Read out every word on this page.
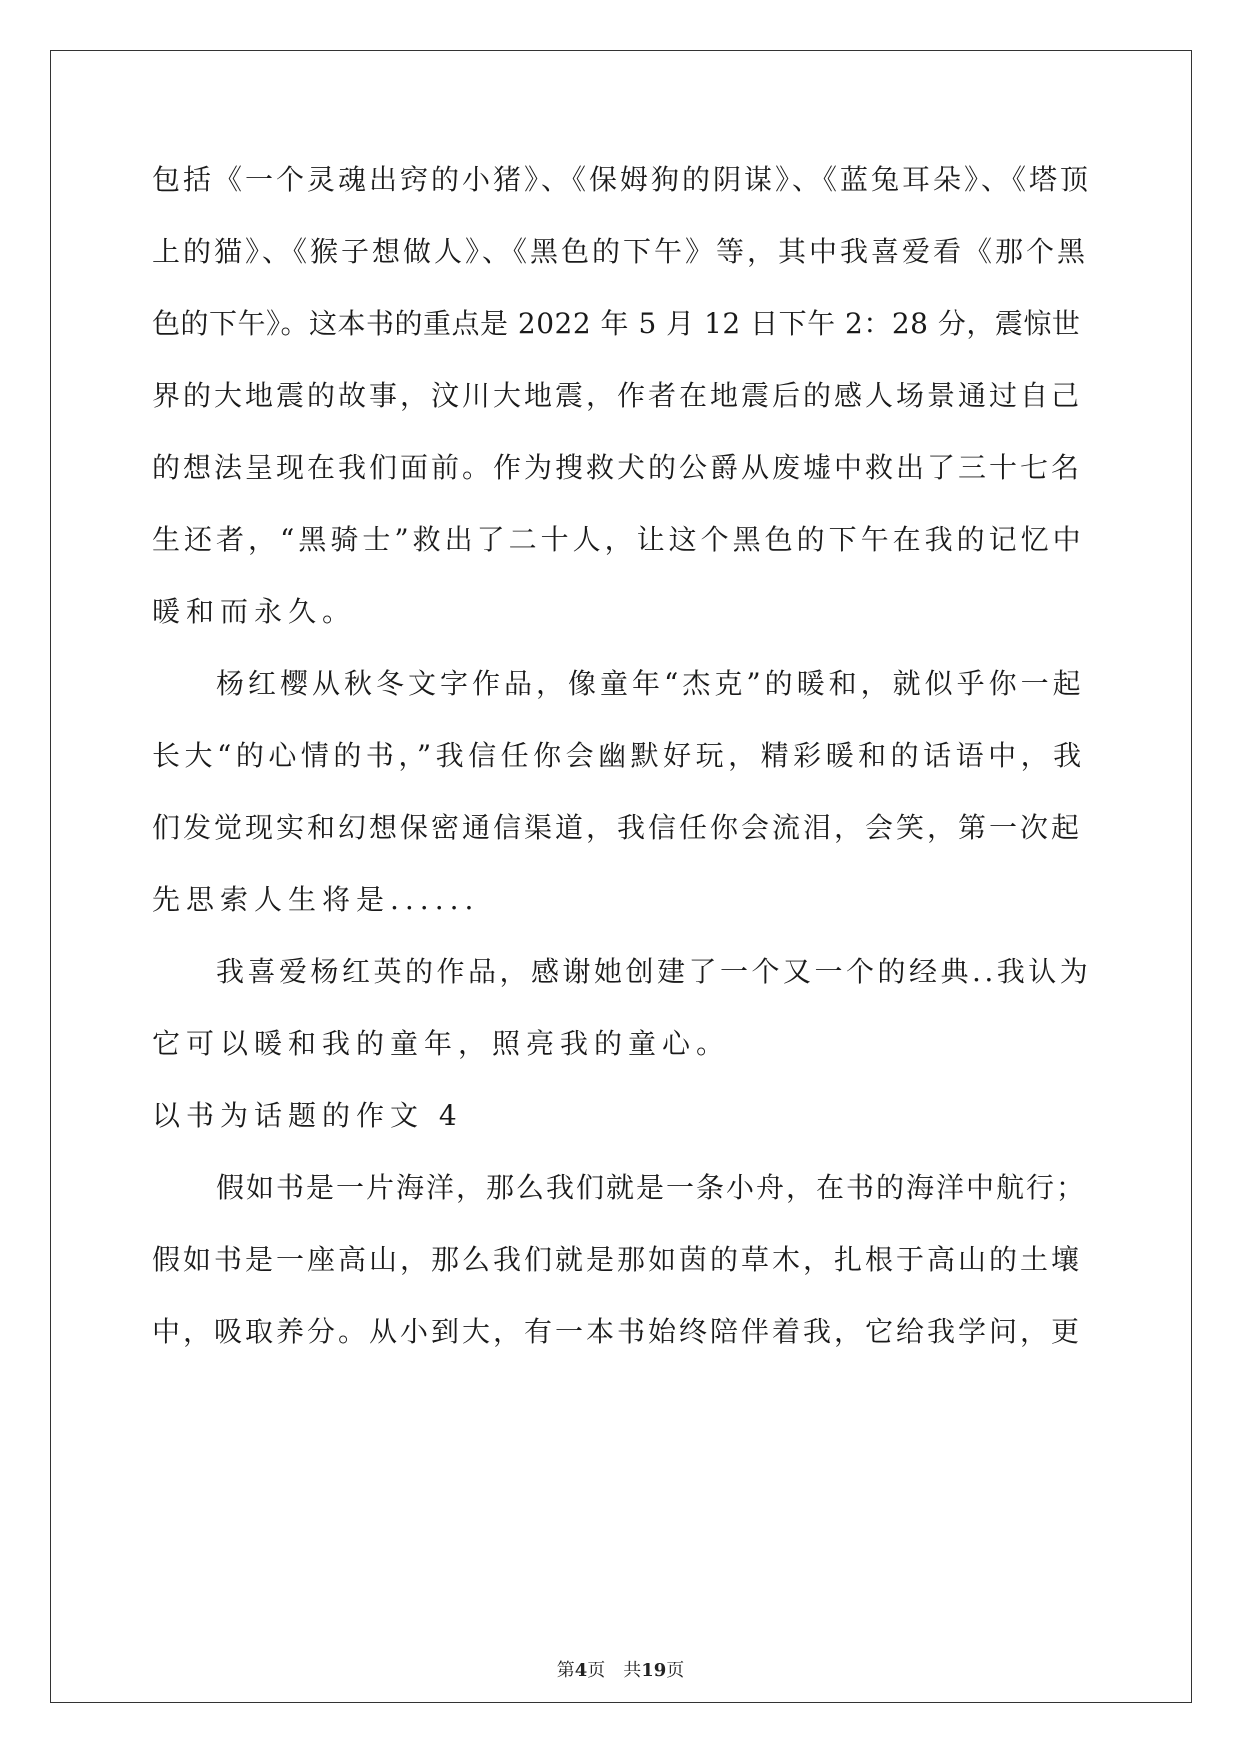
包括《一个灵魂出窍的小猪》、《保姆狗的阴谋》、《蓝兔耳朵》、《塔顶
上的猫》、《猴子想做人》、《黑色的下午》等，其中我喜爱看《那个黑
色的下午》。这本书的重点是 2022 年 5 月 12 日下午 2：28 分，震惊世
界的大地震的故事，汶川大地震，作者在地震后的感人场景通过自己
的想法呈现在我们面前。作为搜救犬的公爵从废墟中救出了三十七名
生还者，“黑骑士”救出了二十人，让这个黑色的下午在我的记忆中
暖和而永久。
杨红樱从秋冬文字作品，像童年“杰克”的暖和，就似乎你一起
长大“的心情的书，”我信任你会幽默好玩，精彩暖和的话语中，我
们发觉现实和幻想保密通信渠道，我信任你会流泪，会笑，第一次起
先思索人生将是......
我喜爱杨红英的作品，感谢她创建了一个又一个的经典..我认为
它可以暖和我的童年，照亮我的童心。
以书为话题的作文 4
假如书是一片海洋，那么我们就是一条小舟，在书的海洋中航行；
假如书是一座高山，那么我们就是那如茵的草木，扎根于高山的土壤
中，吸取养分。从小到大，有一本书始终陪伴着我，它给我学问，更
第4页　共19页
